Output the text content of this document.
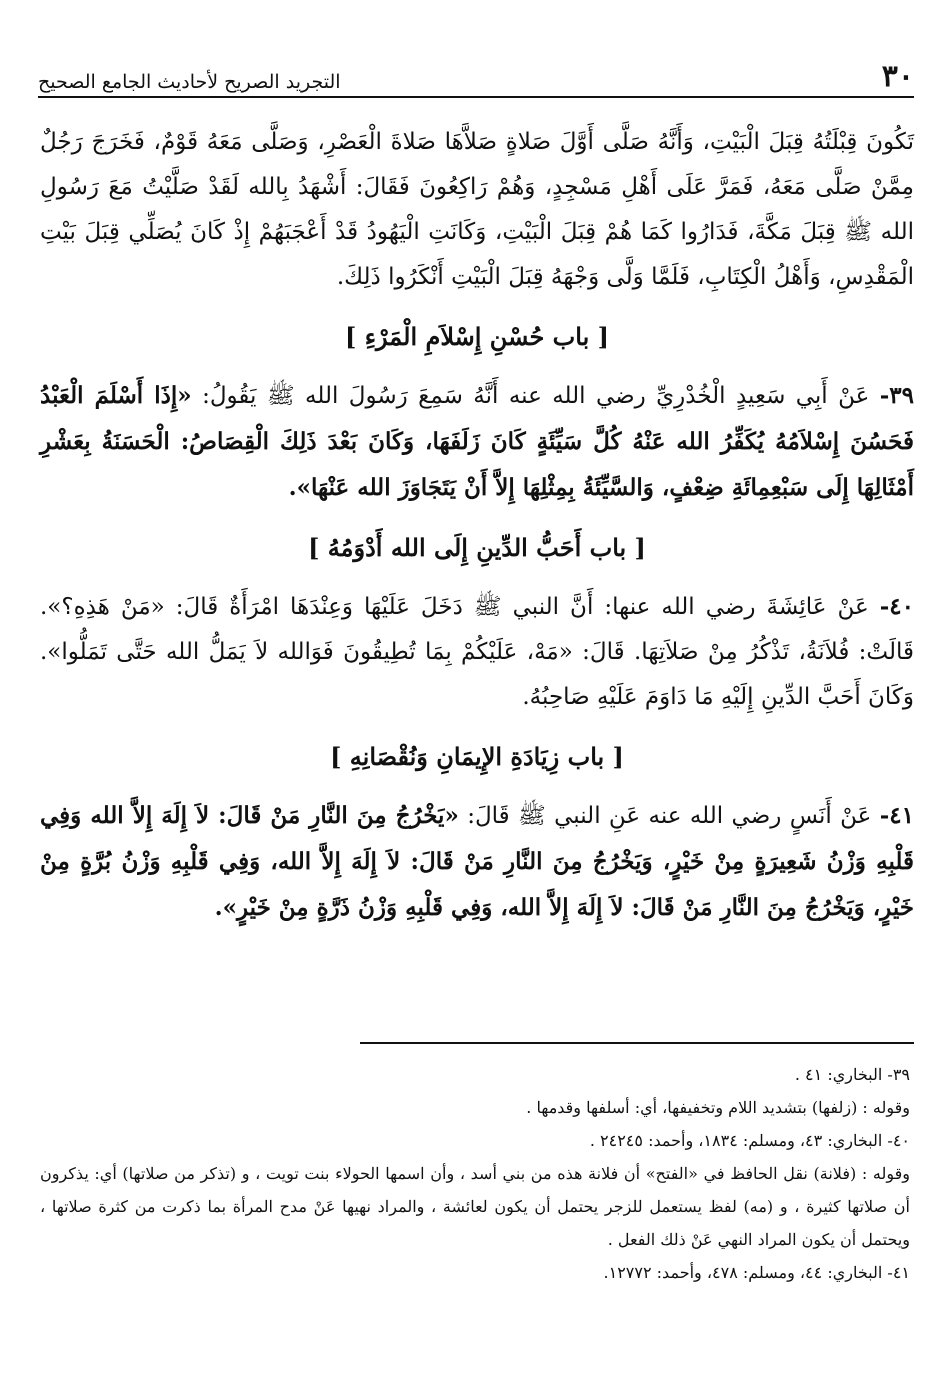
٣٠
التجريد الصريح لأحاديث الجامع الصحيح

تَكُونَ قِبْلَتُهُ قِبَلَ الْبَيْتِ، وَأَنَّهُ صَلَّى أَوَّلَ صَلاةٍ صَلاَّهَا صَلاةَ الْعَصْرِ، وَصَلَّى مَعَهُ قَوْمٌ، فَخَرَجَ رَجُلٌ مِمَّنْ صَلَّى مَعَهُ، فَمَرَّ عَلَى أَهْلِ مَسْجِدٍ، وَهُمْ رَاكِعُونَ فَقَالَ: أَشْهَدُ بِالله لَقَدْ صَلَّيْتُ مَعَ رَسُولِ الله ﷺ قِبَلَ مَكَّةَ، فَدَارُوا كَمَا هُمْ قِبَلَ الْبَيْتِ، وَكَانَتِ الْيَهُودُ قَدْ أَعْجَبَهُمْ إِذْ كَانَ يُصَلِّي قِبَلَ بَيْتِ الْمَقْدِسِ، وَأَهْلُ الْكِتَابِ، فَلَمَّا وَلَّى وَجْهَهُ قِبَلَ الْبَيْتِ أَنْكَرُوا ذَلِكَ.

[ باب حُسْنِ إِسْلاَمِ الْمَرْءِ ]

٣٩- عَنْ أَبِي سَعِيدٍ الْخُدْرِيِّ رضي الله عنه أَنَّهُ سَمِعَ رَسُولَ الله ﷺ يَقُولُ: «إِذَا أَسْلَمَ الْعَبْدُ فَحَسُنَ إِسْلاَمُهُ يُكَفِّرُ الله عَنْهُ كُلَّ سَيِّئَةٍ كَانَ زَلَفَهَا، وَكَانَ بَعْدَ ذَلِكَ الْقِصَاصُ: الْحَسَنَةُ بِعَشْرِ أَمْثَالِهَا إِلَى سَبْعِمِائَةِ ضِعْفٍ، وَالسَّيِّئَةُ بِمِثْلِهَا إِلاَّ أَنْ يَتَجَاوَزَ الله عَنْهَا».

[ باب أَحَبُّ الدِّينِ إِلَى الله أَدْوَمُهُ ]

٤٠- عَنْ عَائِشَةَ رضي الله عنها: أَنَّ النبي ﷺ دَخَلَ عَلَيْهَا وَعِنْدَهَا امْرَأَةٌ قَالَ: «مَنْ هَذِهِ؟». قَالَتْ: فُلاَنَةُ، تَذْكُرُ مِنْ صَلاَتِهَا. قَالَ: «مَهْ، عَلَيْكُمْ بِمَا تُطِيقُونَ فَوَالله لاَ يَمَلُّ الله حَتَّى تَمَلُّوا». وَكَانَ أَحَبَّ الدِّينِ إِلَيْهِ مَا دَاوَمَ عَلَيْهِ صَاحِبُهُ.

[ باب زِيَادَةِ الإِيمَانِ وَنُقْصَانِهِ ]

٤١- عَنْ أَنَسٍ رضي الله عنه عَنِ النبي ﷺ قَالَ: «يَخْرُجُ مِنَ النَّارِ مَنْ قَالَ: لاَ إِلَهَ إِلاَّ الله وَفِي قَلْبِهِ وَزْنُ شَعِيرَةٍ مِنْ خَيْرٍ، وَيَخْرُجُ مِنَ النَّارِ مَنْ قَالَ: لاَ إِلَهَ إِلاَّ الله، وَفِي قَلْبِهِ وَزْنُ بُرَّةٍ مِنْ خَيْرٍ، وَيَخْرُجُ مِنَ النَّارِ مَنْ قَالَ: لاَ إِلَهَ إِلاَّ الله، وَفِي قَلْبِهِ وَزْنُ ذَرَّةٍ مِنْ خَيْرٍ».

٣٩- البخاري: ٤١ .

وقوله : (زلفها) بتشديد اللام وتخفيفها، أي: أسلفها وقدمها .

٤٠- البخاري: ٤٣، ومسلم: ١٨٣٤، وأحمد: ٢٤٢٤٥ .

وقوله : (فلانة) نقل الحافظ في «الفتح» أن فلانة هذه من بني أسد ، وأن اسمها الحولاء بنت تويت ، و (تذكر من صلاتها) أي: يذكرون أن صلاتها كثيرة ، و (مه) لفظ يستعمل للزجر يحتمل أن يكون لعائشة ، والمراد نهيها عَنْ مدح المرأة بما ذكرت من كثرة صلاتها ، ويحتمل أن يكون المراد النهي عَنْ ذلك الفعل .

٤١- البخاري: ٤٤، ومسلم: ٤٧٨، وأحمد: ١٢٧٧٢.
